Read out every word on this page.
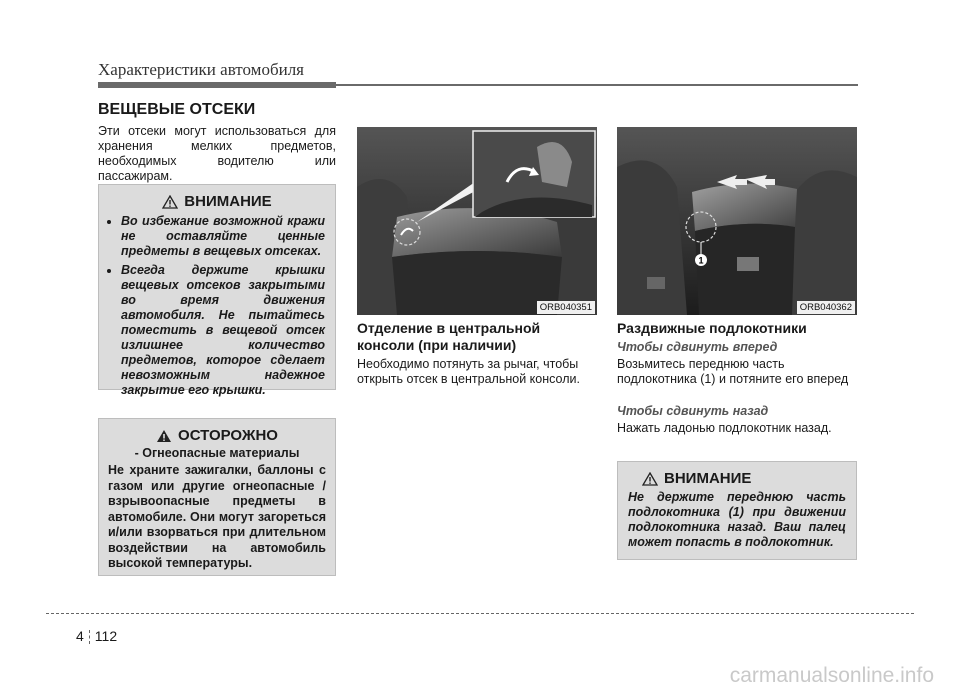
Характеристики автомобиля
ВЕЩЕВЫЕ ОТСЕКИ
Эти отсеки могут использоваться для хранения мелких предметов, необходимых водителю или пассажирам.
ВНИМАНИЕ
• Во избежание возможной кражи не оставляйте ценные предметы в вещевых отсеках.
• Всегда держите крышки вещевых отсеков закрытыми во время движения автомобиля. Не пытайтесь поместить в вещевой отсек излишнее количество предметов, которое сделает невозможным надежное закрытие его крышки.
ОСТОРОЖНО
- Огнеопасные материалы
Не храните зажигалки, баллоны с газом или другие огнеопасные / взрывоопасные предметы в автомобиле. Они могут загореться и/или взорваться при длительном воздействии на автомобиль высокой температуры.
ORB040351
1
ORB040362
Отделение в центральной консоли (при наличии)
Необходимо потянуть за рычаг, чтобы открыть отсек в центральной консоли.
Раздвижные подлокотники
Чтобы сдвинуть вперед
Возьмитесь переднюю часть подлокотника (1) и потяните его вперед
Чтобы сдвинуть назад
Нажать ладонью подлокотник назад.
ВНИМАНИЕ
Не держите переднюю часть подлокотника (1) при движении подлокотника назад. Ваш палец может попасть в подлокотник.
4 112
carmanualsonline.info
